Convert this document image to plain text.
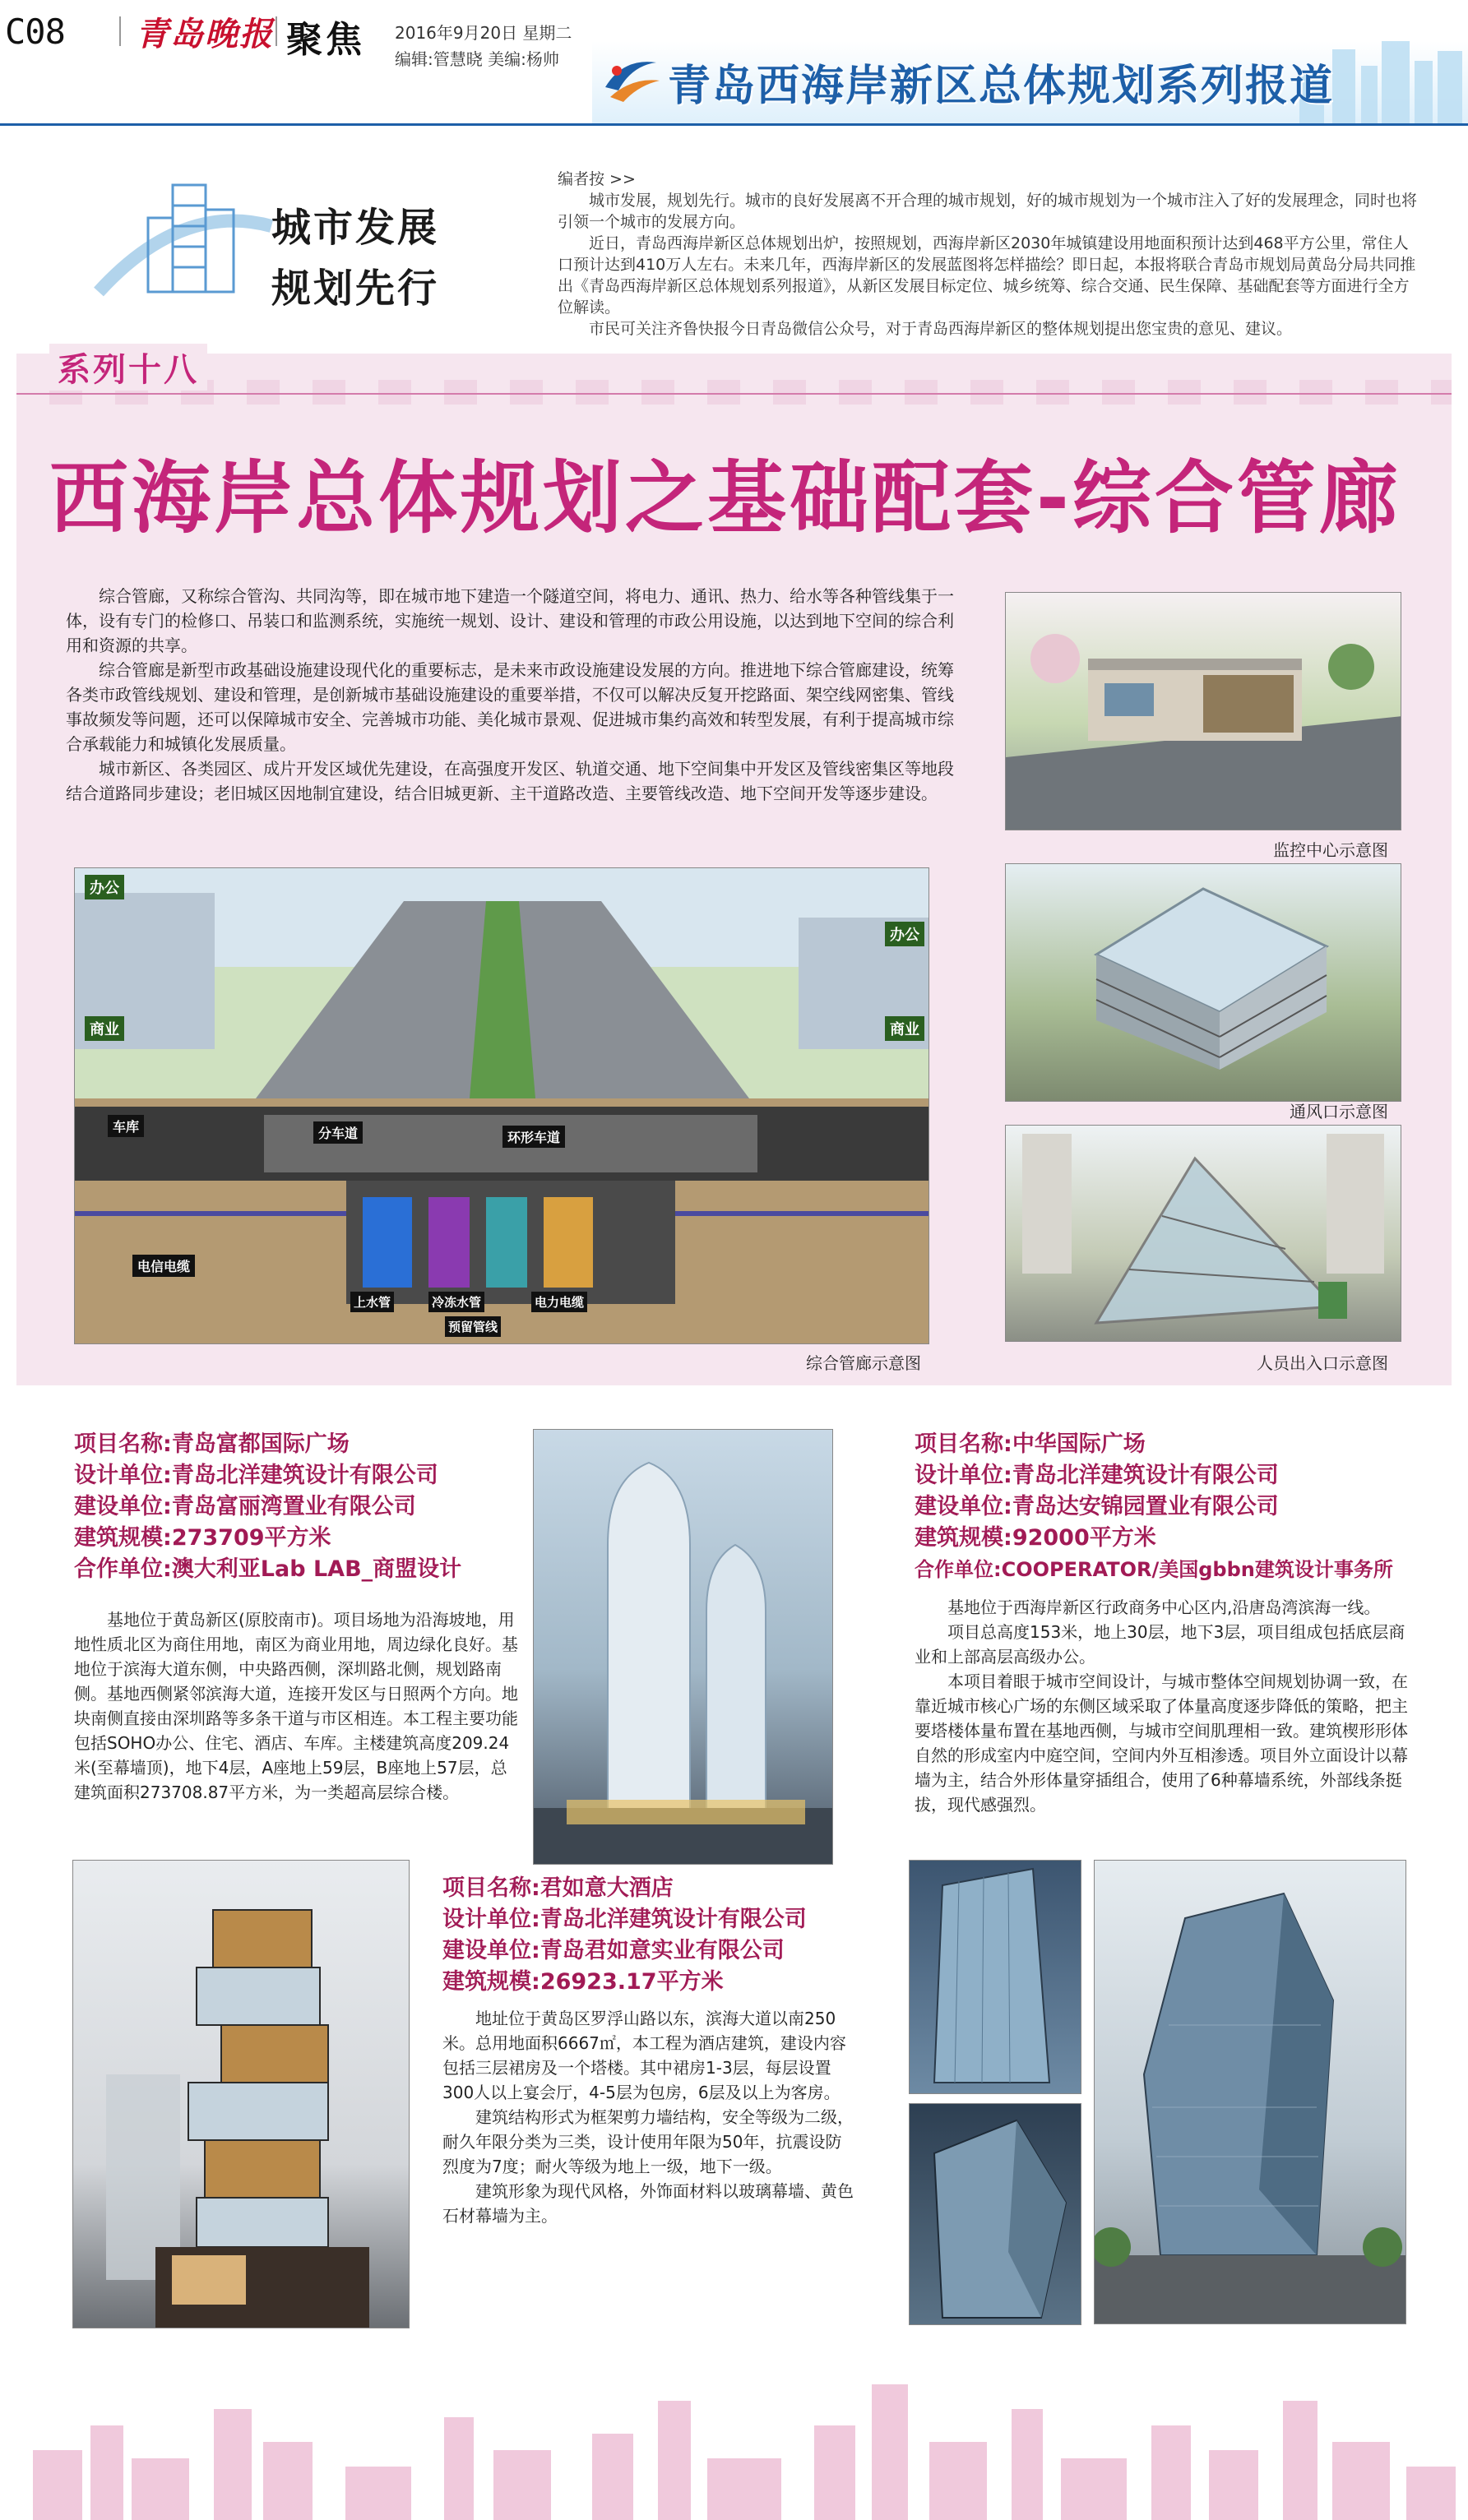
C08 青岛晚报 聚焦 2016年9月20日 星期二
编辑:管慧晓 美编:杨帅
青岛西海岸新区总体规划系列报道
城市发展
规划先行
编者按 >>

城市发展，规划先行。城市的良好发展离不开合理的城市规划，好的城市规划为一个城市注入了好的发展理念，同时也将引领一个城市的发展方向。

近日，青岛西海岸新区总体规划出炉，按照规划，西海岸新区2030年城镇建设用地面积预计达到468平方公里，常住人口预计达到410万人左右。未来几年，西海岸新区的发展蓝图将怎样描绘？即日起，本报将联合青岛市规划局黄岛分局共同推出《青岛西海岸新区总体规划系列报道》，从新区发展目标定位、城乡统筹、综合交通、民生保障、基础配套等方面进行全方位解读。

市民可关注齐鲁快报今日青岛微信公众号，对于青岛西海岸新区的整体规划提出您宝贵的意见、建议。

系列十八
西海岸总体规划之基础配套-综合管廊

综合管廊，又称综合管沟、共同沟等，即在城市地下建造一个隧道空间，将电力、通讯、热力、给水等各种管线集于一体，设有专门的检修口、吊装口和监测系统，实施统一规划、设计、建设和管理的市政公用设施，以达到地下空间的综合利用和资源的共享。

综合管廊是新型市政基础设施建设现代化的重要标志，是未来市政设施建设发展的方向。推进地下综合管廊建设，统筹各类市政管线规划、建设和管理，是创新城市基础设施建设的重要举措，不仅可以解决反复开挖路面、架空线网密集、管线事故频发等问题，还可以保障城市安全、完善城市功能、美化城市景观、促进城市集约高效和转型发展，有利于提高城市综合承载能力和城镇化发展质量。

城市新区、各类园区、成片开发区域优先建设，在高强度开发区、轨道交通、地下空间集中开发区及管线密集区等地段结合道路同步建设；老旧城区因地制宜建设，结合旧城更新、主干道路改造、主要管线改造、地下空间开发等逐步建设。

办公
办公
商业	商业
车库	分车道	环形车道
电信电缆
上水管	冷冻水管	电力电缆
预留管线
综合管廊示意图
监控中心示意图
通风口示意图
人员出入口示意图
项目名称:青岛富都国际广场
设计单位:青岛北洋建筑设计有限公司
建设单位:青岛富丽湾置业有限公司
建筑规模:273709平方米
合作单位:澳大利亚Lab LAB_商盟设计

基地位于黄岛新区(原胶南市)。项目场地为沿海坡地，用地性质北区为商住用地，南区为商业用地，周边绿化良好。基地位于滨海大道东侧，中央路西侧，深圳路北侧，规划路南侧。基地西侧紧邻滨海大道，连接开发区与日照两个方向。地块南侧直接由深圳路等多条干道与市区相连。本工程主要功能包括SOHO办公、住宅、酒店、车库。主楼建筑高度209.24米(至幕墙顶)，地下4层，A座地上59层，B座地上57层，总建筑面积273708.87平方米，为一类超高层综合楼。

项目名称:中华国际广场
设计单位:青岛北洋建筑设计有限公司
建设单位:青岛达安锦园置业有限公司
建筑规模:92000平方米
合作单位:COOPERATOR/美国gbbn建筑设计事务所

基地位于西海岸新区行政商务中心区内,沿唐岛湾滨海一线。

项目总高度153米，地上30层，地下3层，项目组成包括底层商业和上部高层高级办公。

本项目着眼于城市空间设计，与城市整体空间规划协调一致，在靠近城市核心广场的东侧区域采取了体量高度逐步降低的策略，把主要塔楼体量布置在基地西侧，与城市空间肌理相一致。建筑楔形形体自然的形成室内中庭空间，空间内外互相渗透。项目外立面设计以幕墙为主，结合外形体量穿插组合，使用了6种幕墙系统，外部线条挺拔，现代感强烈。

项目名称:君如意大酒店
设计单位:青岛北洋建筑设计有限公司
建设单位:青岛君如意实业有限公司
建筑规模:26923.17平方米

地址位于黄岛区罗浮山路以东，滨海大道以南250米。总用地面积6667㎡，本工程为酒店建筑，建设内容包括三层裙房及一个塔楼。其中裙房1-3层，每层设置300人以上宴会厅，4-5层为包房，6层及以上为客房。

建筑结构形式为框架剪力墙结构，安全等级为二级，耐久年限分类为三类，设计使用年限为50年，抗震设防烈度为7度；耐火等级为地上一级，地下一级。

建筑形象为现代风格，外饰面材料以玻璃幕墙、黄色石材幕墙为主。
